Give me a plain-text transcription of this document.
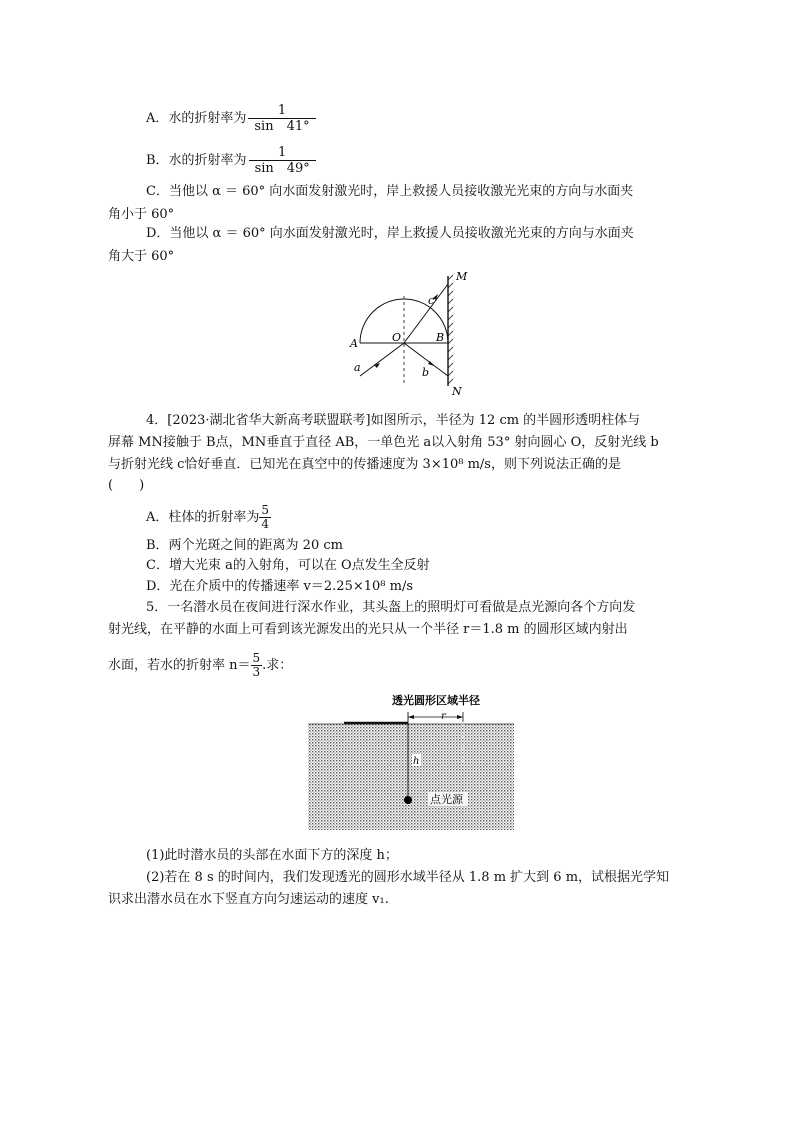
A．水的折射率为 $\frac{1}{\sin 41^\circ}$
B．水的折射率为 $\frac{1}{\sin 49^\circ}$
C．当他以 α ＝ 60° 向水面发射激光时，岸上救援人员接收激光光束的方向与水面夹
角小于 60°
D．当他以 α ＝ 60° 向水面发射激光时，岸上救援人员接收激光光束的方向与水面夹
角大于 60°
M
N
A	B
O
a	b
c
4．[2023·湖北省华大新高考联盟联考]如图所示，半径为 12 cm 的半圆形透明柱体与
屏幕 MN接触于 B点，MN垂直于直径 AB，一单色光 a以入射角 53° 射向圆心 O，反射光线 b
与折射光线 c恰好垂直．已知光在真空中的传播速度为 3×10⁸ m/s，则下列说法正确的是
(　　)
A．柱体的折射率为 $\frac{5}{4}$
B．两个光斑之间的距离为 20 cm
C．增大光束 a的入射角，可以在 O点发生全反射
D．光在介质中的传播速率 v＝2.25×10⁸ m/s
5．一名潜水员在夜间进行深水作业，其头盔上的照明灯可看做是点光源向各个方向发
射光线，在平静的水面上可看到该光源发出的光只从一个半径 r＝1.8 m 的圆形区域内射出
水面，若水的折射率 $n= \frac{5}{3}$ .求：
透光圆形区域半径
r
h
点光源
(1)此时潜水员的头部在水面下方的深度 h；
(2)若在 8 s 的时间内，我们发现透光的圆形水域半径从 1.8 m 扩大到 6 m，试根据光学知
识求出潜水员在水下竖直方向匀速运动的速度 v₁.
